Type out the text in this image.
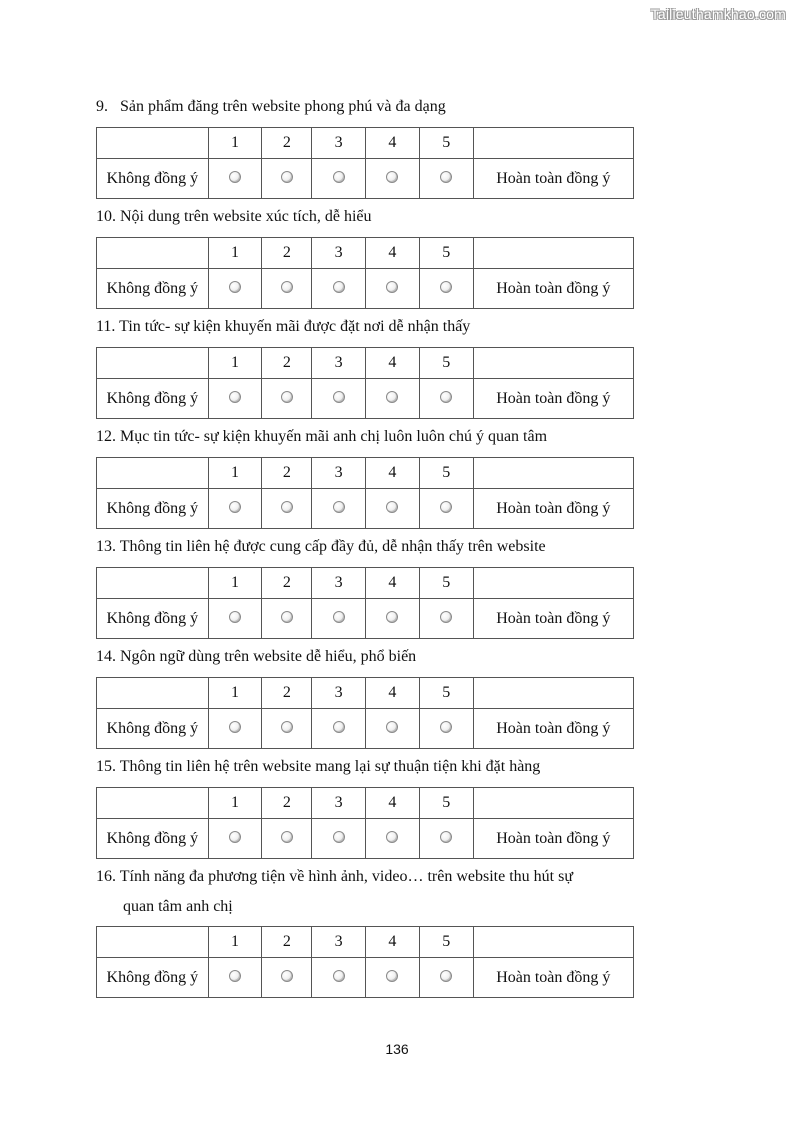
Tailieuthamkhao.com
9. Sản phẩm đăng trên website phong phú và đa dạng
	1	2	3	4	5	
Không đồng ý						Hoàn toàn đồng ý
10. Nội dung trên website xúc tích, dễ hiểu
	1	2	3	4	5	
Không đồng ý						Hoàn toàn đồng ý
11. Tin tức- sự kiện khuyến mãi được đặt nơi dễ nhận thấy
	1	2	3	4	5	
Không đồng ý						Hoàn toàn đồng ý
12. Mục tin tức- sự kiện khuyến mãi anh chị luôn luôn chú ý quan tâm
	1	2	3	4	5	
Không đồng ý						Hoàn toàn đồng ý
13. Thông tin liên hệ được cung cấp đầy đủ, dễ nhận thấy trên website
	1	2	3	4	5	
Không đồng ý						Hoàn toàn đồng ý
14. Ngôn ngữ dùng trên website dễ hiểu, phổ biến
	1	2	3	4	5	
Không đồng ý						Hoàn toàn đồng ý
15. Thông tin liên hệ trên website mang lại sự thuận tiện khi đặt hàng
	1	2	3	4	5	
Không đồng ý						Hoàn toàn đồng ý
16. Tính năng đa phương tiện về hình ảnh, video… trên website thu hút sự
quan tâm anh chị
	1	2	3	4	5	
Không đồng ý						Hoàn toàn đồng ý
136
